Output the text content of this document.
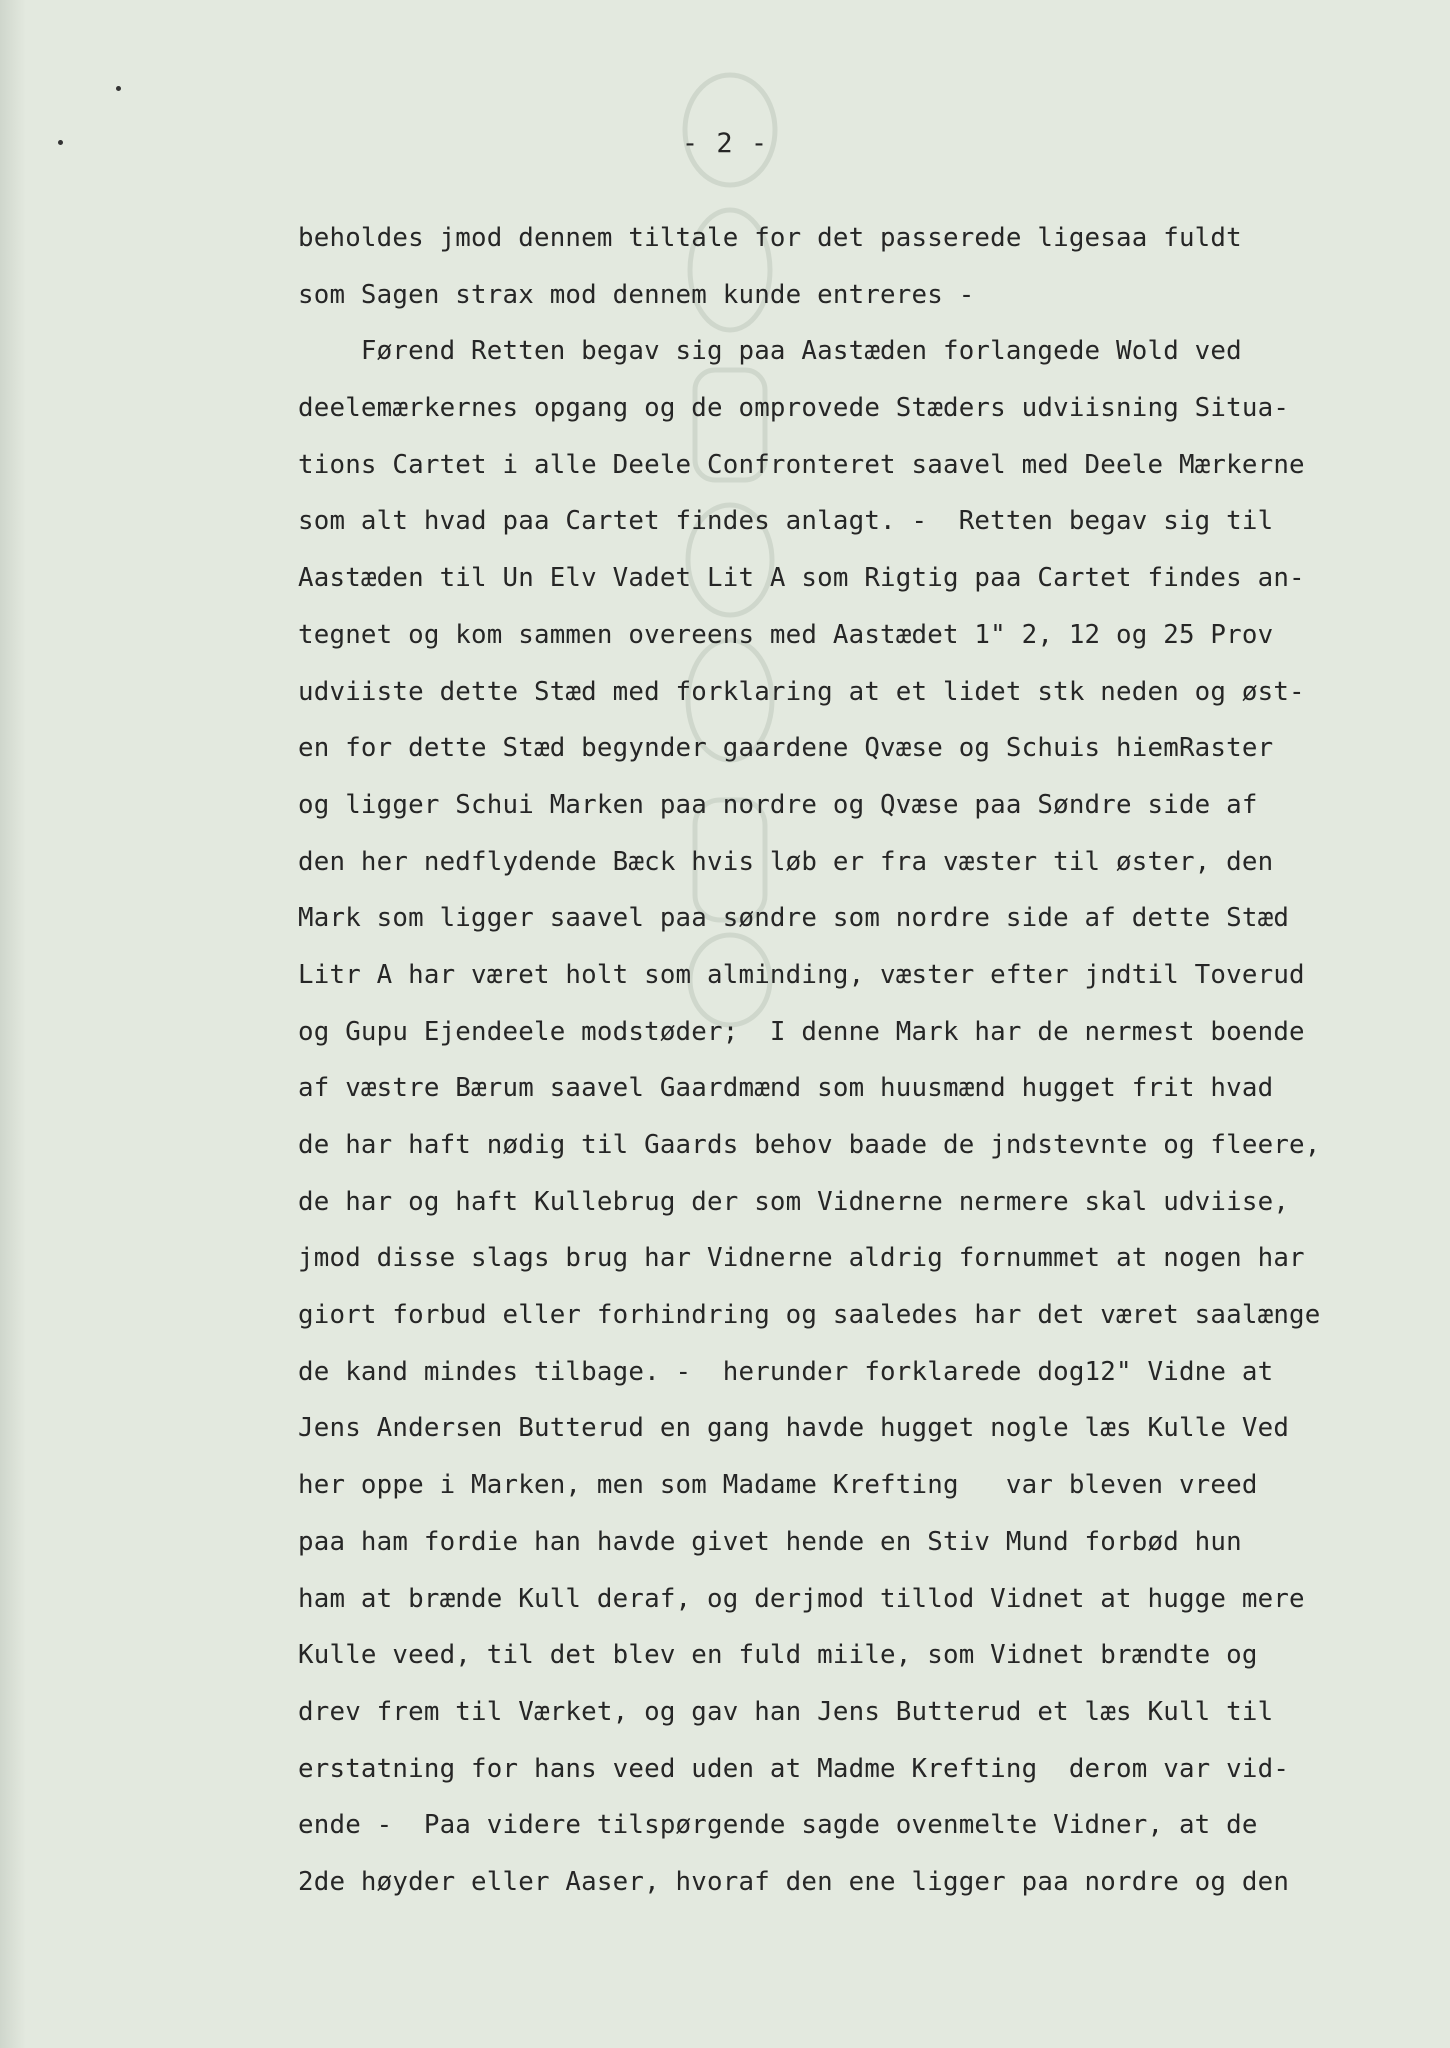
- 2 -
beholdes jmod dennem tiltale for det passerede ligesaa fuldt
som Sagen strax mod dennem kunde entreres -
Førend Retten begav sig paa Aastæden forlangede Wold ved
deelemærkernes opgang og de omprovede Stæders udviisning Situa-
tions Cartet i alle Deele Confronteret saavel med Deele Mærkerne
som alt hvad paa Cartet findes anlagt. -  Retten begav sig til
Aastæden til Un Elv Vadet Lit A som Rigtig paa Cartet findes an-
tegnet og kom sammen overeens med Aastædet 1" 2, 12 og 25 Prov
udviiste dette Stæd med forklaring at et lidet stk neden og øst-
en for dette Stæd begynder gaardene Qvæse og Schuis hiemRaster
og ligger Schui Marken paa nordre og Qvæse paa Søndre side af
den her nedflydende Bæck hvis løb er fra væster til øster, den
Mark som ligger saavel paa søndre som nordre side af dette Stæd
Litr A har været holt som alminding, væster efter jndtil Toverud
og Gupu Ejendeele modstøder;  I denne Mark har de nermest boende
af væstre Bærum saavel Gaardmænd som huusmænd hugget frit hvad
de har haft nødig til Gaards behov baade de jndstevnte og fleere,
de har og haft Kullebrug der som Vidnerne nermere skal udviise,
jmod disse slags brug har Vidnerne aldrig fornummet at nogen har
giort forbud eller forhindring og saaledes har det været saalænge
de kand mindes tilbage. -  herunder forklarede dog12" Vidne at
Jens Andersen Butterud en gang havde hugget nogle læs Kulle Ved
her oppe i Marken, men som Madame Krefting   var bleven vreed
paa ham fordie han havde givet hende en Stiv Mund forbød hun
ham at brænde Kull deraf, og derjmod tillod Vidnet at hugge mere
Kulle veed, til det blev en fuld miile, som Vidnet brændte og
drev frem til Værket, og gav han Jens Butterud et læs Kull til
erstatning for hans veed uden at Madme Krefting  derom var vid-
ende -  Paa videre tilspørgende sagde ovenmelte Vidner, at de
2de høyder eller Aaser, hvoraf den ene ligger paa nordre og den
